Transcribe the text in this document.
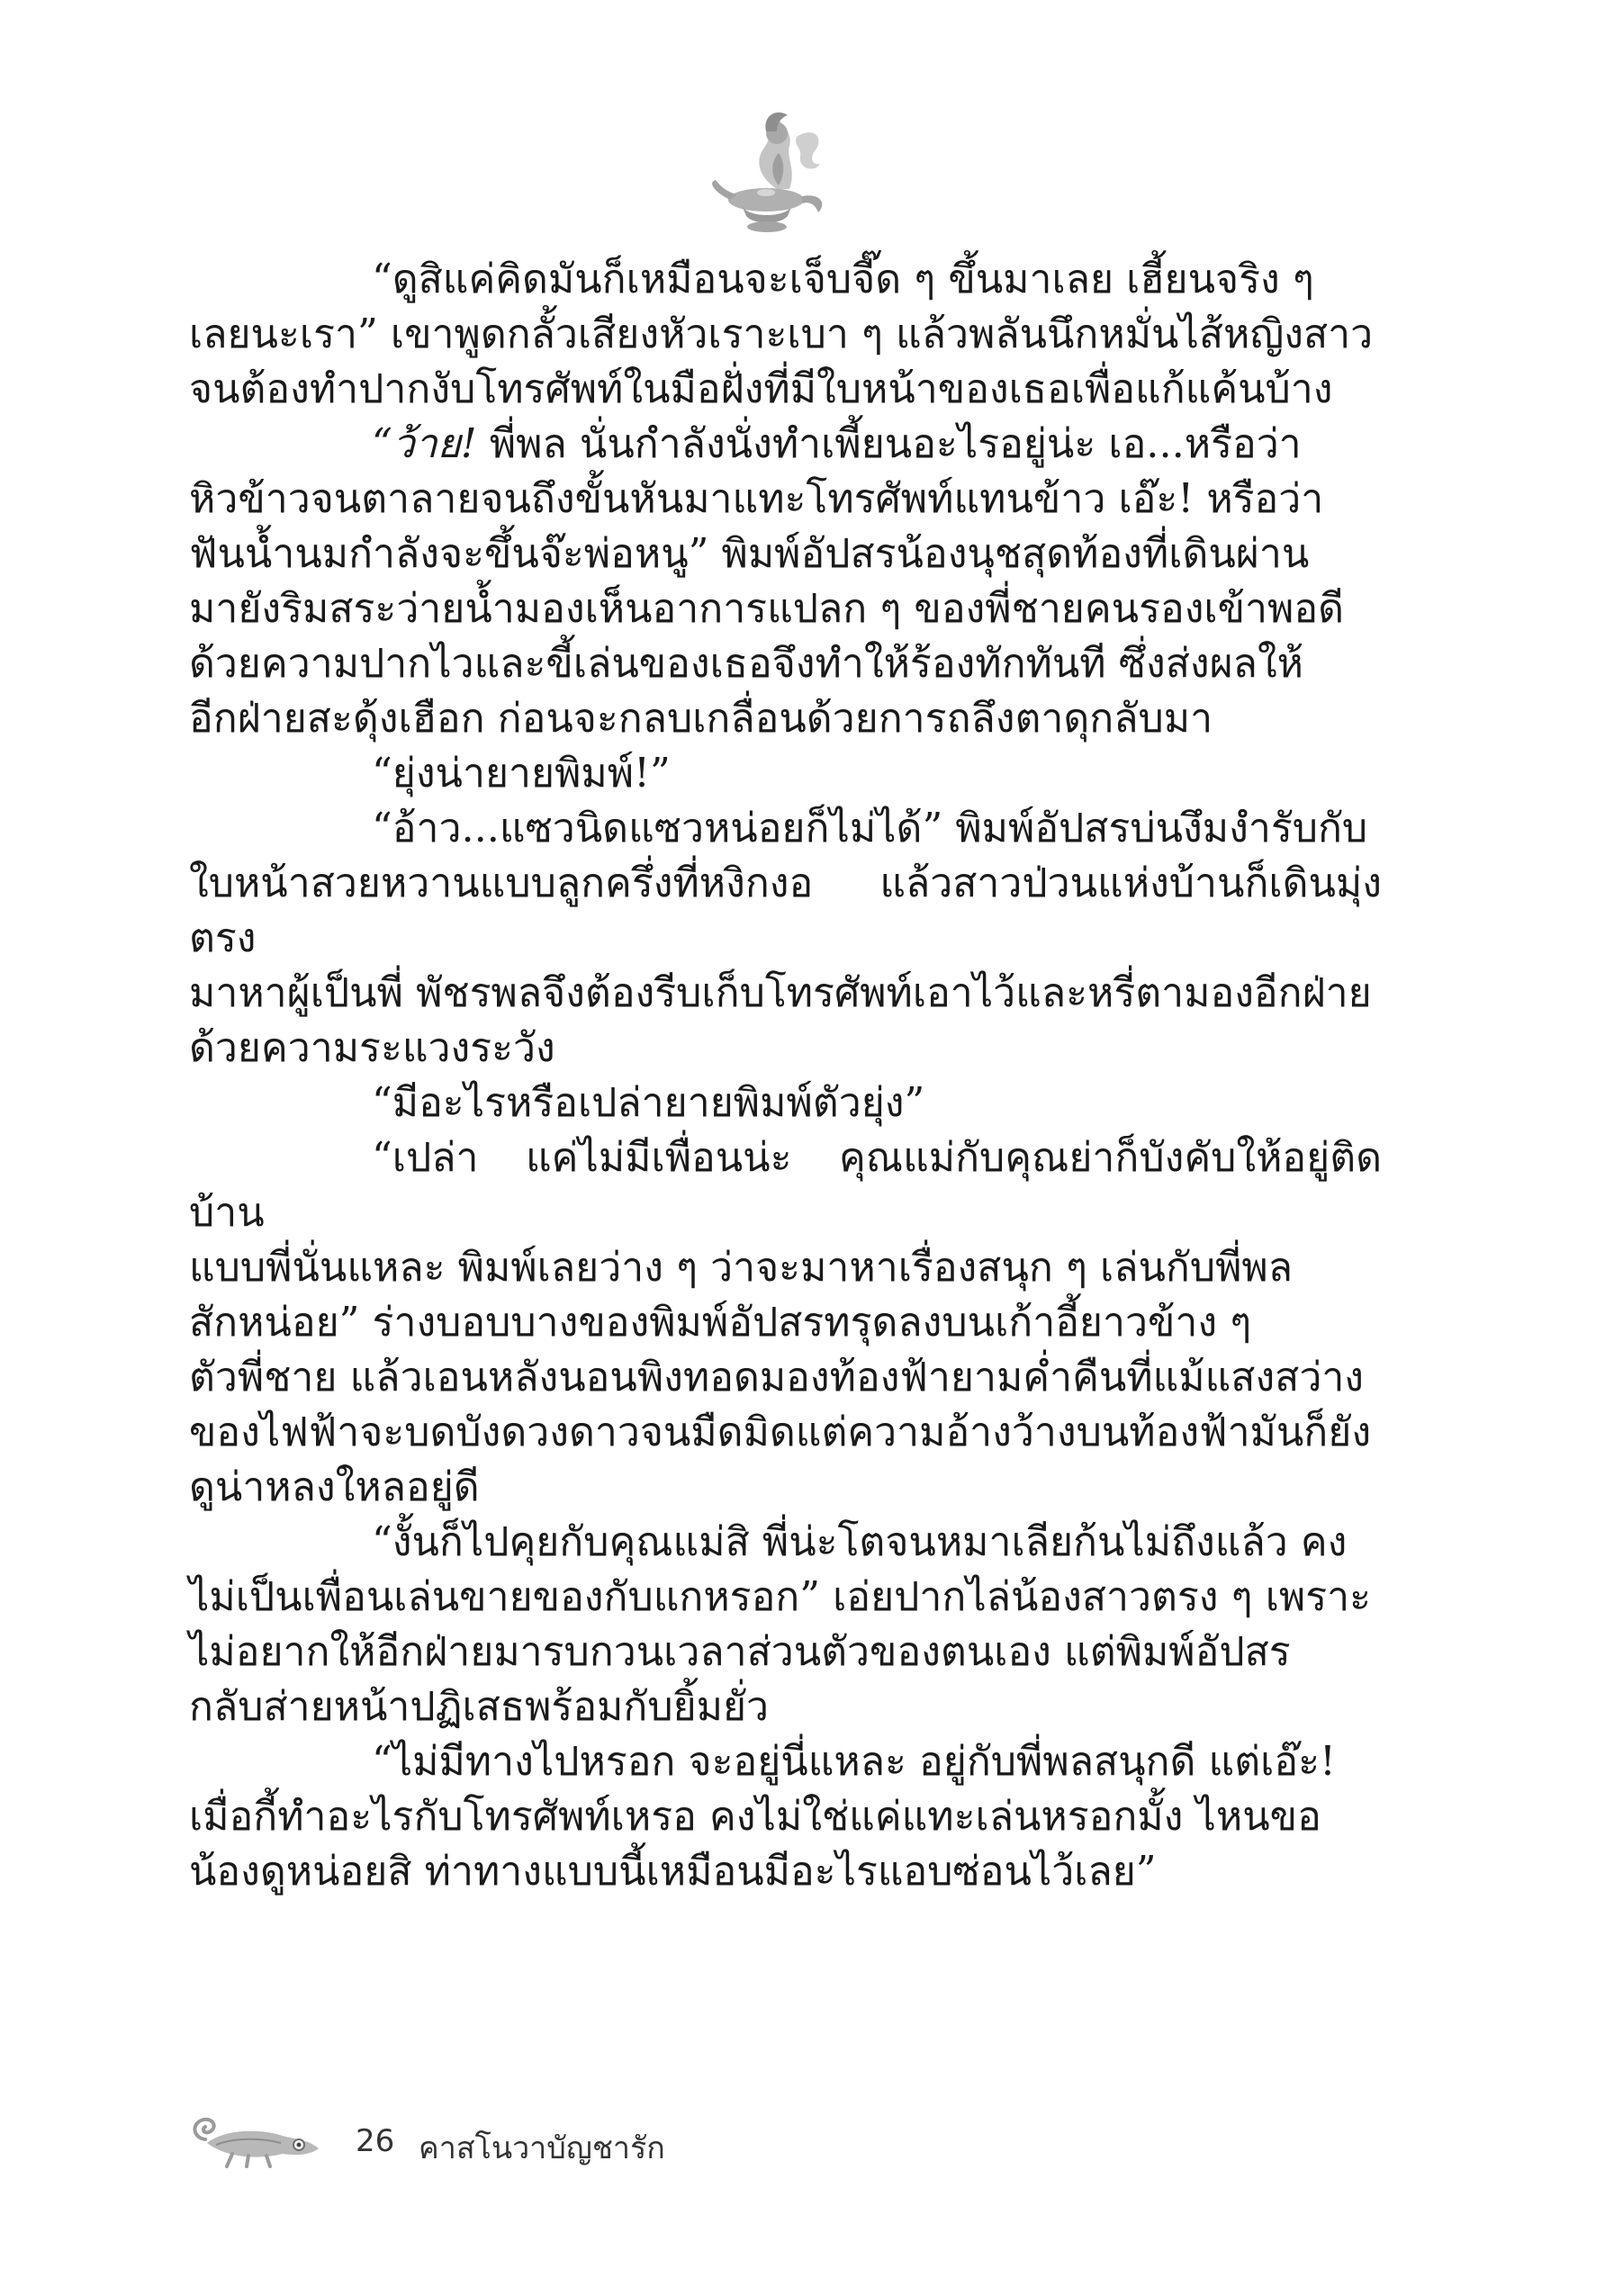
“ดูสิแค่คิดมันก็เหมือนจะเจ็บจี๊ด ๆ ขึ้นมาเลย เฮี้ยนจริง ๆ
เลยนะเรา” เขาพูดกลั้วเสียงหัวเราะเบา ๆ แล้วพลันนึกหมั่นไส้หญิงสาว
จนต้องทำปากงับโทรศัพท์ในมือฝั่งที่มีใบหน้าของเธอเพื่อแก้แค้นบ้าง

“ว้าย! พี่พล นั่นกำลังนั่งทำเพี้ยนอะไรอยู่น่ะ เอ...หรือว่า
หิวข้าวจนตาลายจนถึงขั้นหันมาแทะโทรศัพท์แทนข้าว เอ๊ะ! หรือว่า
ฟันน้ำนมกำลังจะขึ้นจ๊ะพ่อหนู” พิมพ์อัปสรน้องนุชสุดท้องที่เดินผ่าน
มายังริมสระว่ายน้ำมองเห็นอาการแปลก ๆ ของพี่ชายคนรองเข้าพอดี
ด้วยความปากไวและขี้เล่นของเธอจึงทำให้ร้องทักทันที ซึ่งส่งผลให้
อีกฝ่ายสะดุ้งเฮือก ก่อนจะกลบเกลื่อนด้วยการถลึงตาดุกลับมา

“ยุ่งน่ายายพิมพ์!”

“อ้าว...แซวนิดแซวหน่อยก็ไม่ได้” พิมพ์อัปสรบ่นงึมงำรับกับ
ใบหน้าสวยหวานแบบลูกครึ่งที่หงิกงอ แล้วสาวป่วนแห่งบ้านก็เดินมุ่งตรง
มาหาผู้เป็นพี่ พัชรพลจึงต้องรีบเก็บโทรศัพท์เอาไว้และหรี่ตามองอีกฝ่าย
ด้วยความระแวงระวัง

“มีอะไรหรือเปล่ายายพิมพ์ตัวยุ่ง”

“เปล่า แค่ไม่มีเพื่อนน่ะ คุณแม่กับคุณย่าก็บังคับให้อยู่ติดบ้าน
แบบพี่นั่นแหละ พิมพ์เลยว่าง ๆ ว่าจะมาหาเรื่องสนุก ๆ เล่นกับพี่พล
สักหน่อย” ร่างบอบบางของพิมพ์อัปสรทรุดลงบนเก้าอี้ยาวข้าง ๆ
ตัวพี่ชาย แล้วเอนหลังนอนพิงทอดมองท้องฟ้ายามค่ำคืนที่แม้แสงสว่าง
ของไฟฟ้าจะบดบังดวงดาวจนมืดมิดแต่ความอ้างว้างบนท้องฟ้ามันก็ยัง
ดูน่าหลงใหลอยู่ดี

“งั้นก็ไปคุยกับคุณแม่สิ พี่น่ะโตจนหมาเลียก้นไม่ถึงแล้ว คง
ไม่เป็นเพื่อนเล่นขายของกับแกหรอก” เอ่ยปากไล่น้องสาวตรง ๆ เพราะ
ไม่อยากให้อีกฝ่ายมารบกวนเวลาส่วนตัวของตนเอง แต่พิมพ์อัปสร
กลับส่ายหน้าปฏิเสธพร้อมกับยิ้มยั่ว

“ไม่มีทางไปหรอก จะอยู่นี่แหละ อยู่กับพี่พลสนุกดี แต่เอ๊ะ!
เมื่อกี้ทำอะไรกับโทรศัพท์เหรอ คงไม่ใช่แค่แทะเล่นหรอกมั้ง ไหนขอ
น้องดูหน่อยสิ ท่าทางแบบนี้เหมือนมีอะไรแอบซ่อนไว้เลย”

26 คาสโนวาบัญชารัก
